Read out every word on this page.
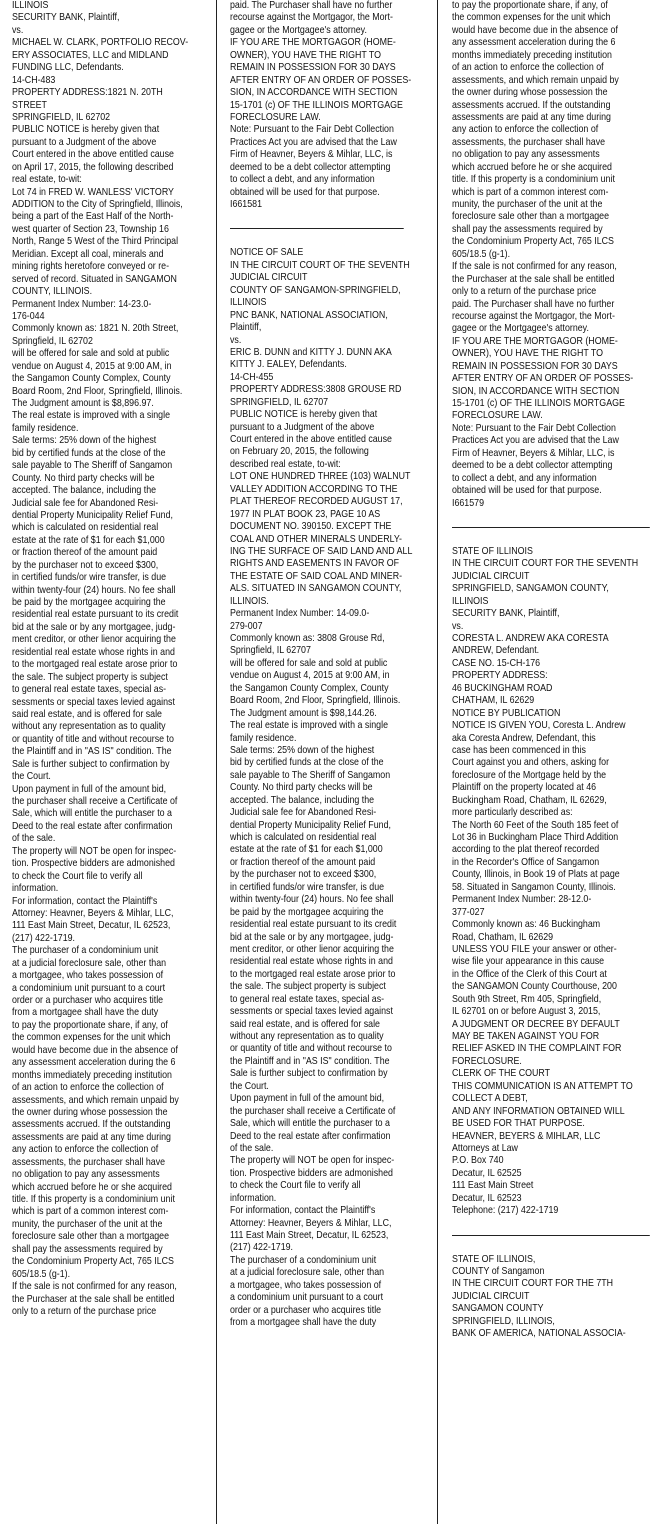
ILLINOIS
SECURITY BANK, Plaintiff,
vs.
MICHAEL W. CLARK, PORTFOLIO RECOV-
ERY ASSOCIATES, LLC and MIDLAND
FUNDING LLC, Defendants.
14-CH-483
PROPERTY ADDRESS:1821 N. 20TH
STREET
SPRINGFIELD, IL 62702
PUBLIC NOTICE is hereby given that
pursuant to a Judgment of the above
Court entered in the above entitled cause
on April 17, 2015, the following described
real estate, to-wit:
Lot 74 in FRED W. WANLESS' VICTORY
ADDITION to the City of Springfield, Illinois,
being a part of the East Half of the North-
west quarter of Section 23, Township 16
North, Range 5 West of the Third Principal
Meridian. Except all coal, minerals and
mining rights heretofore conveyed or re-
served of record. Situated in SANGAMON
COUNTY, ILLINOIS.
Permanent Index Number: 14-23.0-
176-044
Commonly known as: 1821 N. 20th Street,
Springfield, IL 62702
will be offered for sale and sold at public
vendue on August 4, 2015 at 9:00 AM, in
the Sangamon County Complex, County
Board Room, 2nd Floor, Springfield, Illinois.
The Judgment amount is $8,896.97.
The real estate is improved with a single
family residence.
Sale terms: 25% down of the highest
bid by certified funds at the close of the
sale payable to The Sheriff of Sangamon
County. No third party checks will be
accepted. The balance, including the
Judicial sale fee for Abandoned Resi-
dential Property Municipality Relief Fund,
which is calculated on residential real
estate at the rate of $1 for each $1,000
or fraction thereof of the amount paid
by the purchaser not to exceed $300,
in certified funds/or wire transfer, is due
within twenty-four (24) hours. No fee shall
be paid by the mortgagee acquiring the
residential real estate pursuant to its credit
bid at the sale or by any mortgagee, judg-
ment creditor, or other lienor acquiring the
residential real estate whose rights in and
to the mortgaged real estate arose prior to
the sale. The subject property is subject
to general real estate taxes, special as-
sessments or special taxes levied against
said real estate, and is offered for sale
without any representation as to quality
or quantity of title and without recourse to
the Plaintiff and in "AS IS" condition. The
Sale is further subject to confirmation by
the Court.
Upon payment in full of the amount bid,
the purchaser shall receive a Certificate of
Sale, which will entitle the purchaser to a
Deed to the real estate after confirmation
of the sale.
The property will NOT be open for inspec-
tion. Prospective bidders are admonished
to check the Court file to verify all
information.
For information, contact the Plaintiff's
Attorney: Heavner, Beyers & Mihlar, LLC,
111 East Main Street, Decatur, IL 62523,
(217) 422-1719.
The purchaser of a condominium unit
at a judicial foreclosure sale, other than
a mortgagee, who takes possession of
a condominium unit pursuant to a court
order or a purchaser who acquires title
from a mortgagee shall have the duty
to pay the proportionate share, if any, of
the common expenses for the unit which
would have become due in the absence of
any assessment acceleration during the 6
months immediately preceding institution
of an action to enforce the collection of
assessments, and which remain unpaid by
the owner during whose possession the
assessments accrued. If the outstanding
assessments are paid at any time during
any action to enforce the collection of
assessments, the purchaser shall have
no obligation to pay any assessments
which accrued before he or she acquired
title. If this property is a condominium unit
which is part of a common interest com-
munity, the purchaser of the unit at the
foreclosure sale other than a mortgagee
shall pay the assessments required by
the Condominium Property Act, 765 ILCS
605/18.5 (g-1).
If the sale is not confirmed for any reason,
the Purchaser at the sale shall be entitled
only to a return of the purchase price
paid. The Purchaser shall have no further
recourse against the Mortgagor, the Mort-
gagee or the Mortgagee's attorney.
IF YOU ARE THE MORTGAGOR (HOME-
OWNER), YOU HAVE THE RIGHT TO
REMAIN IN POSSESSION FOR 30 DAYS
AFTER ENTRY OF AN ORDER OF POSSES-
SION, IN ACCORDANCE WITH SECTION
15-1701 (c) OF THE ILLINOIS MORTGAGE
FORECLOSURE LAW.
Note: Pursuant to the Fair Debt Collection
Practices Act you are advised that the Law
Firm of Heavner, Beyers & Mihlar, LLC, is
deemed to be a debt collector attempting
to collect a debt, and any information
obtained will be used for that purpose.
I661581
NOTICE OF SALE
IN THE CIRCUIT COURT OF THE SEVENTH
JUDICIAL CIRCUIT
COUNTY OF SANGAMON-SPRINGFIELD,
ILLINOIS
PNC BANK, NATIONAL ASSOCIATION,
Plaintiff,
vs.
ERIC B. DUNN and KITTY J. DUNN AKA
KITTY J. EALEY, Defendants.
14-CH-455
PROPERTY ADDRESS:3808 GROUSE RD
SPRINGFIELD, IL 62707
PUBLIC NOTICE is hereby given that
pursuant to a Judgment of the above
Court entered in the above entitled cause
on February 20, 2015, the following
described real estate, to-wit:
LOT ONE HUNDRED THREE (103) WALNUT
VALLEY ADDITION ACCORDING TO THE
PLAT THEREOF RECORDED AUGUST 17,
1977 IN PLAT BOOK 23, PAGE 10 AS
DOCUMENT NO. 390150. EXCEPT THE
COAL AND OTHER MINERALS UNDERLY-
ING THE SURFACE OF SAID LAND AND ALL
RIGHTS AND EASEMENTS IN FAVOR OF
THE ESTATE OF SAID COAL AND MINER-
ALS. SITUATED IN SANGAMON COUNTY,
ILLINOIS.
Permanent Index Number: 14-09.0-
279-007
Commonly known as: 3808 Grouse Rd,
Springfield, IL 62707
will be offered for sale and sold at public
vendue on August 4, 2015 at 9:00 AM, in
the Sangamon County Complex, County
Board Room, 2nd Floor, Springfield, Illinois.
The Judgment amount is $98,144.26.
The real estate is improved with a single
family residence.
Sale terms: 25% down of the highest
bid by certified funds at the close of the
sale payable to The Sheriff of Sangamon
County. No third party checks will be
accepted. The balance, including the
Judicial sale fee for Abandoned Resi-
dential Property Municipality Relief Fund,
which is calculated on residential real
estate at the rate of $1 for each $1,000
or fraction thereof of the amount paid
by the purchaser not to exceed $300,
in certified funds/or wire transfer, is due
within twenty-four (24) hours. No fee shall
be paid by the mortgagee acquiring the
residential real estate pursuant to its credit
bid at the sale or by any mortgagee, judg-
ment creditor, or other lienor acquiring the
residential real estate whose rights in and
to the mortgaged real estate arose prior to
the sale. The subject property is subject
to general real estate taxes, special as-
sessments or special taxes levied against
said real estate, and is offered for sale
without any representation as to quality
or quantity of title and without recourse to
the Plaintiff and in "AS IS" condition. The
Sale is further subject to confirmation by
the Court.
Upon payment in full of the amount bid,
the purchaser shall receive a Certificate of
Sale, which will entitle the purchaser to a
Deed to the real estate after confirmation
of the sale.
The property will NOT be open for inspec-
tion. Prospective bidders are admonished
to check the Court file to verify all
information.
For information, contact the Plaintiff's
Attorney: Heavner, Beyers & Mihlar, LLC,
111 East Main Street, Decatur, IL 62523,
(217) 422-1719.
The purchaser of a condominium unit
at a judicial foreclosure sale, other than
a mortgagee, who takes possession of
a condominium unit pursuant to a court
order or a purchaser who acquires title
from a mortgagee shall have the duty
to pay the proportionate share, if any, of
the common expenses for the unit which
would have become due in the absence of
any assessment acceleration during the 6
months immediately preceding institution
of an action to enforce the collection of
assessments, and which remain unpaid by
the owner during whose possession the
assessments accrued. If the outstanding
assessments are paid at any time during
any action to enforce the collection of
assessments, the purchaser shall have
no obligation to pay any assessments
which accrued before he or she acquired
title. If this property is a condominium unit
which is part of a common interest com-
munity, the purchaser of the unit at the
foreclosure sale other than a mortgagee
shall pay the assessments required by
the Condominium Property Act, 765 ILCS
605/18.5 (g-1).
If the sale is not confirmed for any reason,
the Purchaser at the sale shall be entitled
only to a return of the purchase price
paid. The Purchaser shall have no further
recourse against the Mortgagor, the Mort-
gagee or the Mortgagee's attorney.
IF YOU ARE THE MORTGAGOR (HOME-
OWNER), YOU HAVE THE RIGHT TO
REMAIN IN POSSESSION FOR 30 DAYS
AFTER ENTRY OF AN ORDER OF POSSES-
SION, IN ACCORDANCE WITH SECTION
15-1701 (c) OF THE ILLINOIS MORTGAGE
FORECLOSURE LAW.
Note: Pursuant to the Fair Debt Collection
Practices Act you are advised that the Law
Firm of Heavner, Beyers & Mihlar, LLC, is
deemed to be a debt collector attempting
to collect a debt, and any information
obtained will be used for that purpose.
I661579
STATE OF ILLINOIS
IN THE CIRCUIT COURT FOR THE SEVENTH
JUDICIAL CIRCUIT
SPRINGFIELD, SANGAMON COUNTY,
ILLINOIS
SECURITY BANK, Plaintiff,
vs.
CORESTA L. ANDREW AKA CORESTA
ANDREW, Defendant.
CASE NO. 15-CH-176
PROPERTY ADDRESS:
46 BUCKINGHAM ROAD
CHATHAM, IL 62629
NOTICE BY PUBLICATION
NOTICE IS GIVEN YOU, Coresta L. Andrew
aka Coresta Andrew, Defendant, this
case has been commenced in this
Court against you and others, asking for
foreclosure of the Mortgage held by the
Plaintiff on the property located at 46
Buckingham Road, Chatham, IL 62629,
more particularly described as:
The North 60 Feet of the South 185 feet of
Lot 36 in Buckingham Place Third Addition
according to the plat thereof recorded
in the Recorder's Office of Sangamon
County, Illinois, in Book 19 of Plats at page
58. Situated in Sangamon County, Illinois.
Permanent Index Number: 28-12.0-
377-027
Commonly known as: 46 Buckingham
Road, Chatham, IL 62629
UNLESS YOU FILE your answer or other-
wise file your appearance in this cause
in the Office of the Clerk of this Court at
the SANGAMON County Courthouse, 200
South 9th Street, Rm 405, Springfield,
IL 62701 on or before August 3, 2015,
A JUDGMENT OR DECREE BY DEFAULT
MAY BE TAKEN AGAINST YOU FOR
RELIEF ASKED IN THE COMPLAINT FOR
FORECLOSURE.
CLERK OF THE COURT
THIS COMMUNICATION IS AN ATTEMPT TO
COLLECT A DEBT,
AND ANY INFORMATION OBTAINED WILL
BE USED FOR THAT PURPOSE.
HEAVNER, BEYERS & MIHLAR, LLC
Attorneys at Law
P.O. Box 740
Decatur, IL 62525
111 East Main Street
Decatur, IL 62523
Telephone: (217) 422-1719
STATE OF ILLINOIS,
COUNTY of Sangamon
IN THE CIRCUIT COURT FOR THE 7TH
JUDICIAL CIRCUIT
SANGAMON COUNTY
SPRINGFIELD, ILLINOIS,
BANK OF AMERICA, NATIONAL ASSOCIA-
